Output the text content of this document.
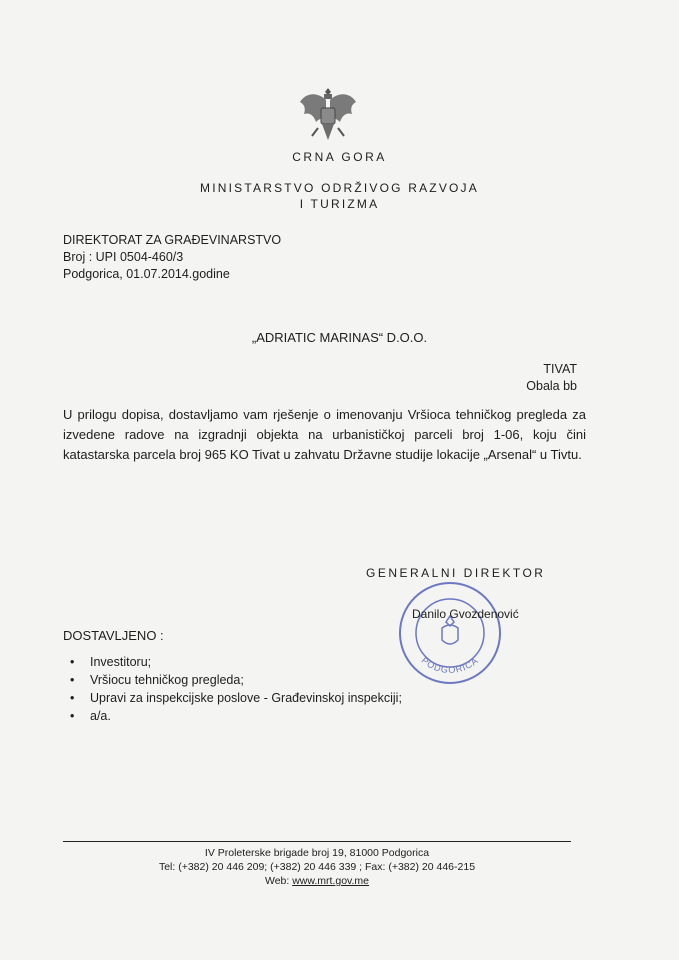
CRNA GORA
MINISTARSTVO ODRŽIVOG RAZVOJA
I TURIZMA
DIREKTORAT ZA GRAĐEVINARSTVO
Broj : UPI 0504-460/3
Podgorica, 01.07.2014.godine
„ADRIATIC MARINAS“ D.O.O.
TIVAT
Obala bb
U prilogu dopisa, dostavljamo vam rješenje o imenovanju Vršioca tehničkog pregleda za izvedene radove na izgradnji objekta na urbanističkoj parceli broj 1-06, koju čini katastarska parcela broj 965 KO Tivat u zahvatu Državne studije lokacije „Arsenal“ u Tivtu.
GENERALNI DIREKTOR
PODGORICA
Danilo Gvozdenović
DOSTAVLJENO :
• Investitoru;
• Vršiocu tehničkog pregleda;
• Upravi za inspekcijske poslove - Građevinskoj inspekciji;
• a/a.
IV Proleterske brigade broj 19, 81000 Podgorica
Tel: (+382) 20 446 209; (+382) 20 446 339 ; Fax: (+382) 20 446-215
Web: www.mrt.gov.me
